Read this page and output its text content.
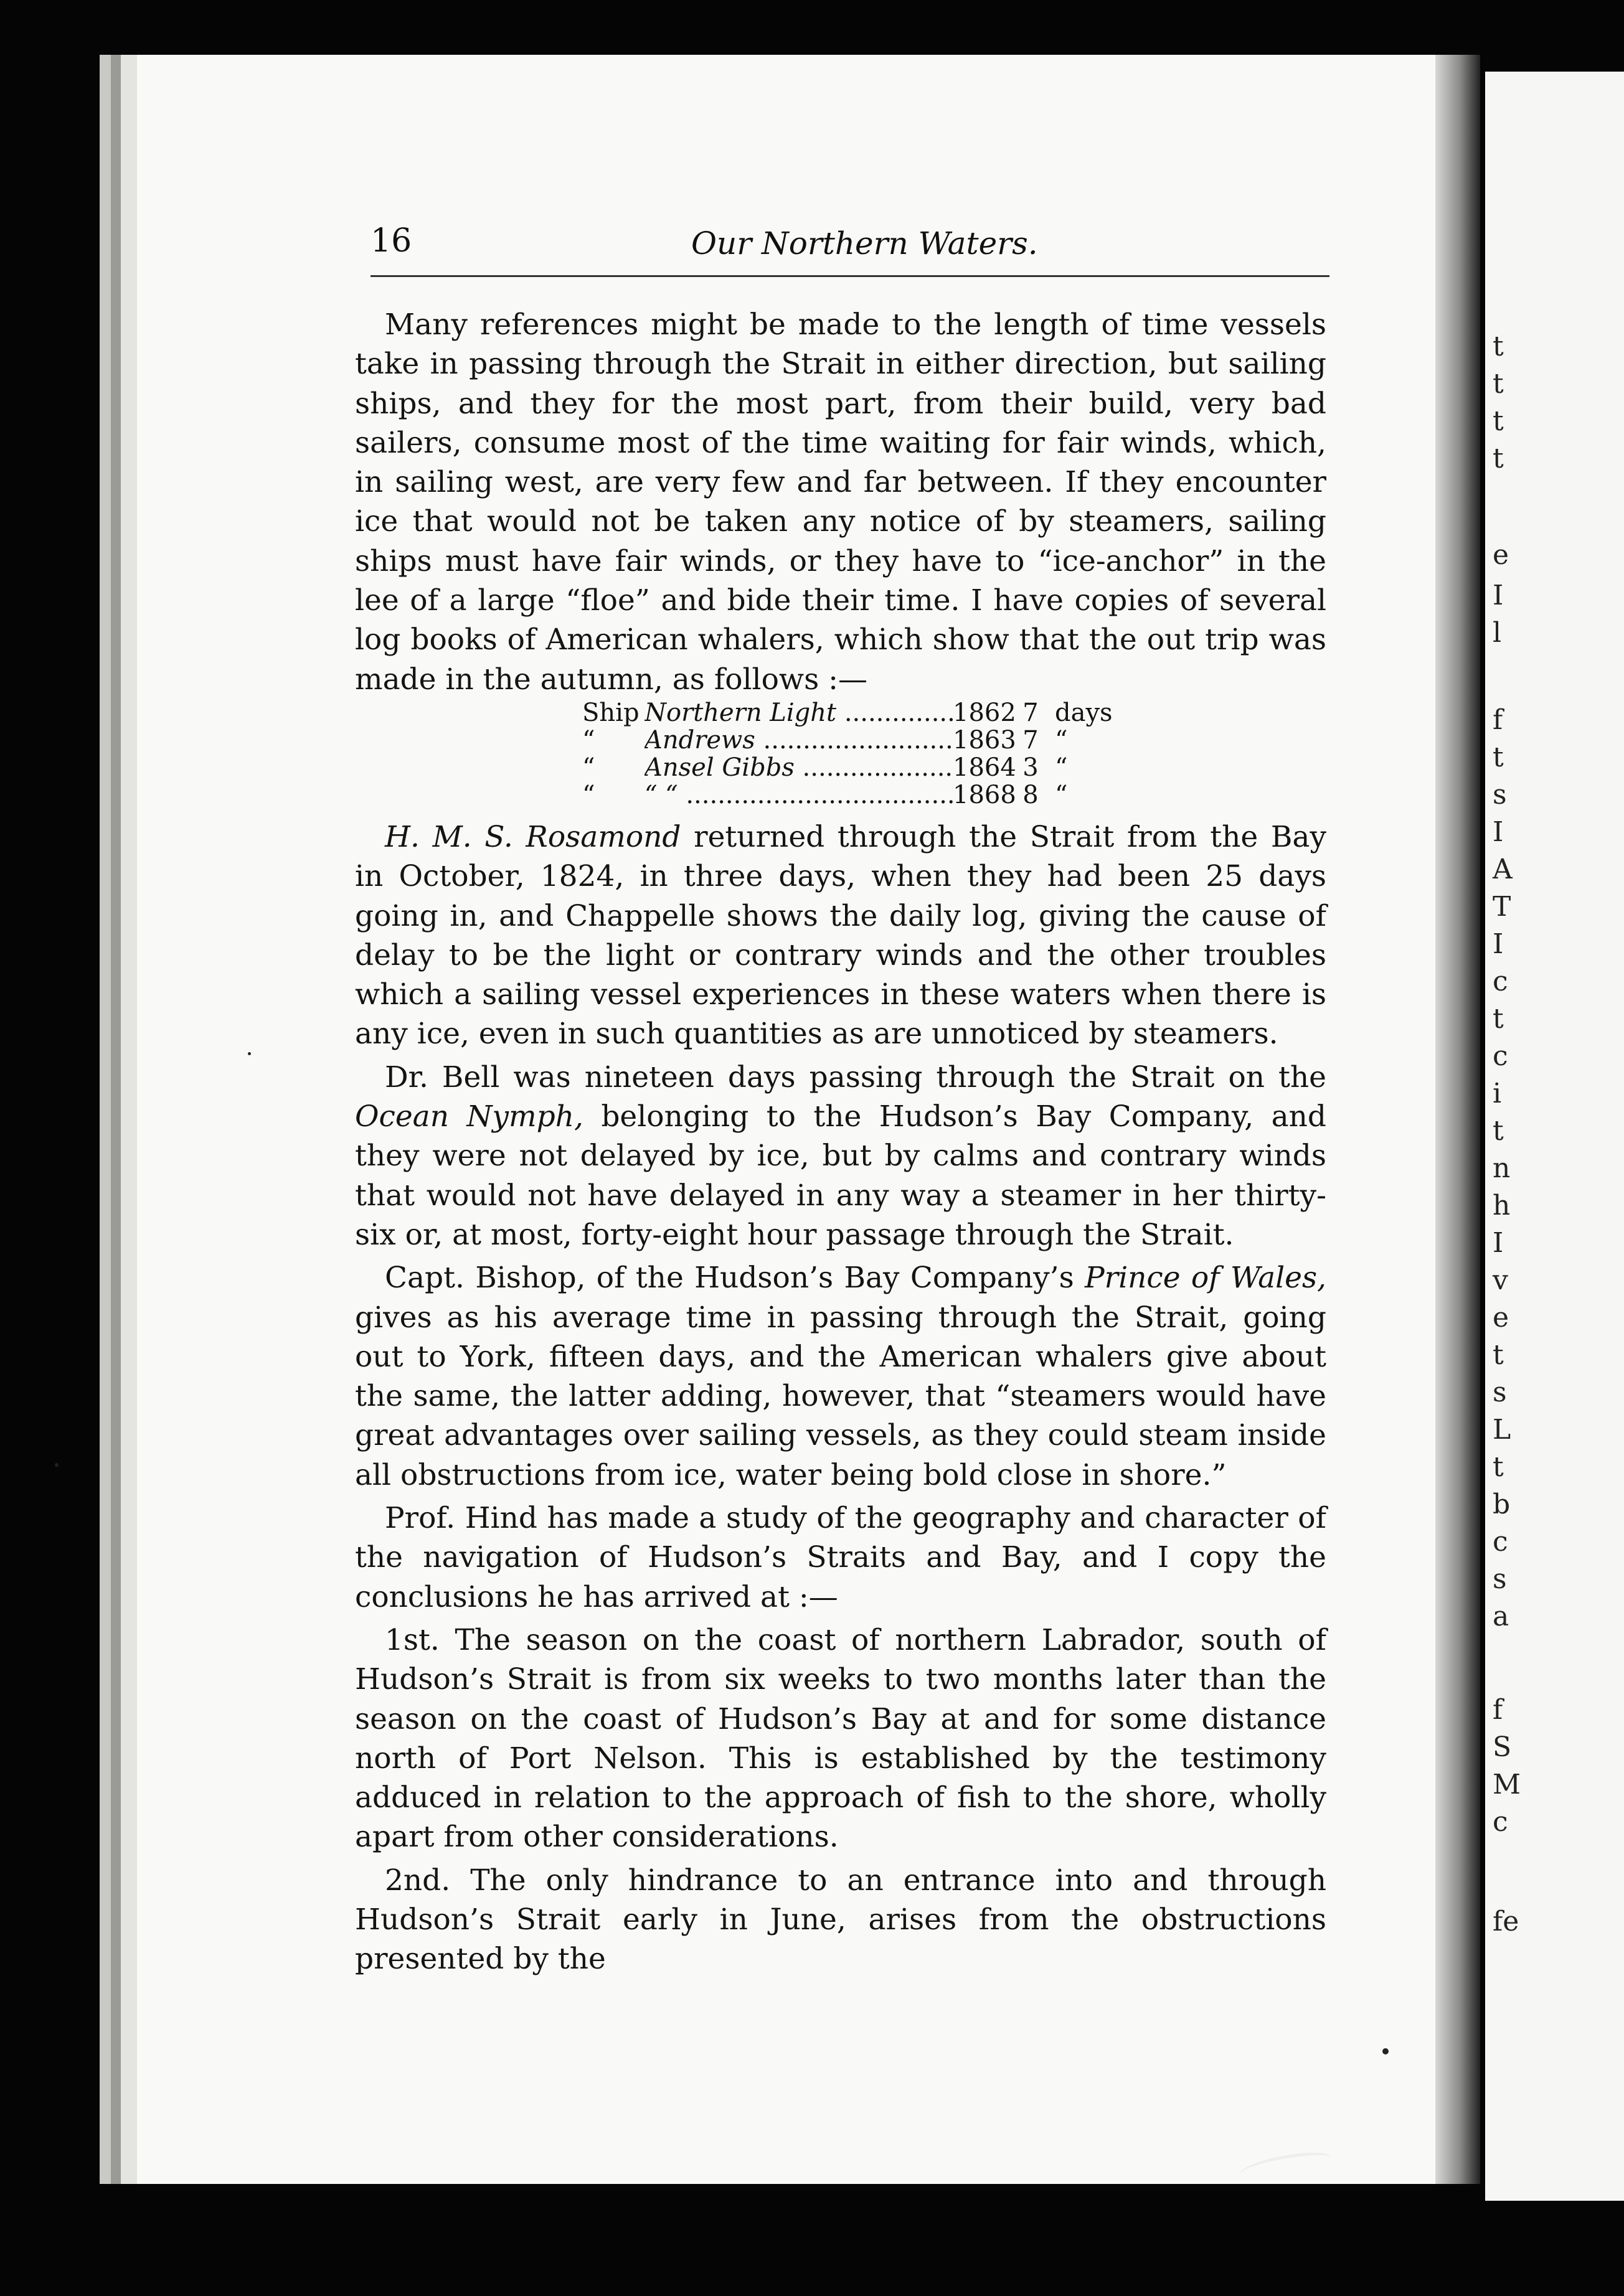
t
t
t
t
e
I
l
f
t
s
I
A
T
I
c
t
c
i
t
n
h
I
v
e
t
s
L
t
b
c
s
a
f
S
M
c
fe
16	Our Northern Waters.

Many references might be made to the length of time vessels take in passing through the Strait in either direction, but sailing ships, and they for the most part, from their build, very bad sailers, consume most of the time waiting for fair winds, which, in sailing west, are very few and far between. If they encounter ice that would not be taken any notice of by steamers, sailing ships must have fair winds, or they have to “ice-anchor” in the lee of a large “floe” and bide their time. I have copies of several log books of American whalers, which show that the out trip was made in the autumn, as follows :—

Ship Northern Light .....	1862 7 days
“	Andrews .....	1863 7 “
“	Ansel Gibbs .....	1864 3 “
“	“ “ .....	1868 8 “

H. M. S. Rosamond returned through the Strait from the Bay in October, 1824, in three days, when they had been 25 days going in, and Chappelle shows the daily log, giving the cause of delay to be the light or contrary winds and the other troubles which a sailing vessel experiences in these waters when there is any ice, even in such quantities as are unnoticed by steamers.

Dr. Bell was nineteen days passing through the Strait on the Ocean Nymph, belonging to the Hudson’s Bay Company, and they were not delayed by ice, but by calms and contrary winds that would not have delayed in any way a steamer in her thirty-six or, at most, forty-eight hour passage through the Strait.

Capt. Bishop, of the Hudson’s Bay Company’s Prince of Wales, gives as his average time in passing through the Strait, going out to York, fifteen days, and the American whalers give about the same, the latter adding, however, that “steamers would have great advantages over sailing vessels, as they could steam inside all obstructions from ice, water being bold close in shore.”

Prof. Hind has made a study of the geography and character of the navigation of Hudson’s Straits and Bay, and I copy the conclusions he has arrived at :—

1st. The season on the coast of northern Labrador, south of Hudson’s Strait is from six weeks to two months later than the season on the coast of Hudson’s Bay at and for some distance north of Port Nelson. This is established by the testimony adduced in relation to the approach of fish to the shore, wholly apart from other considerations.

2nd. The only hindrance to an entrance into and through Hudson’s Strait early in June, arises from the obstructions presented by the
